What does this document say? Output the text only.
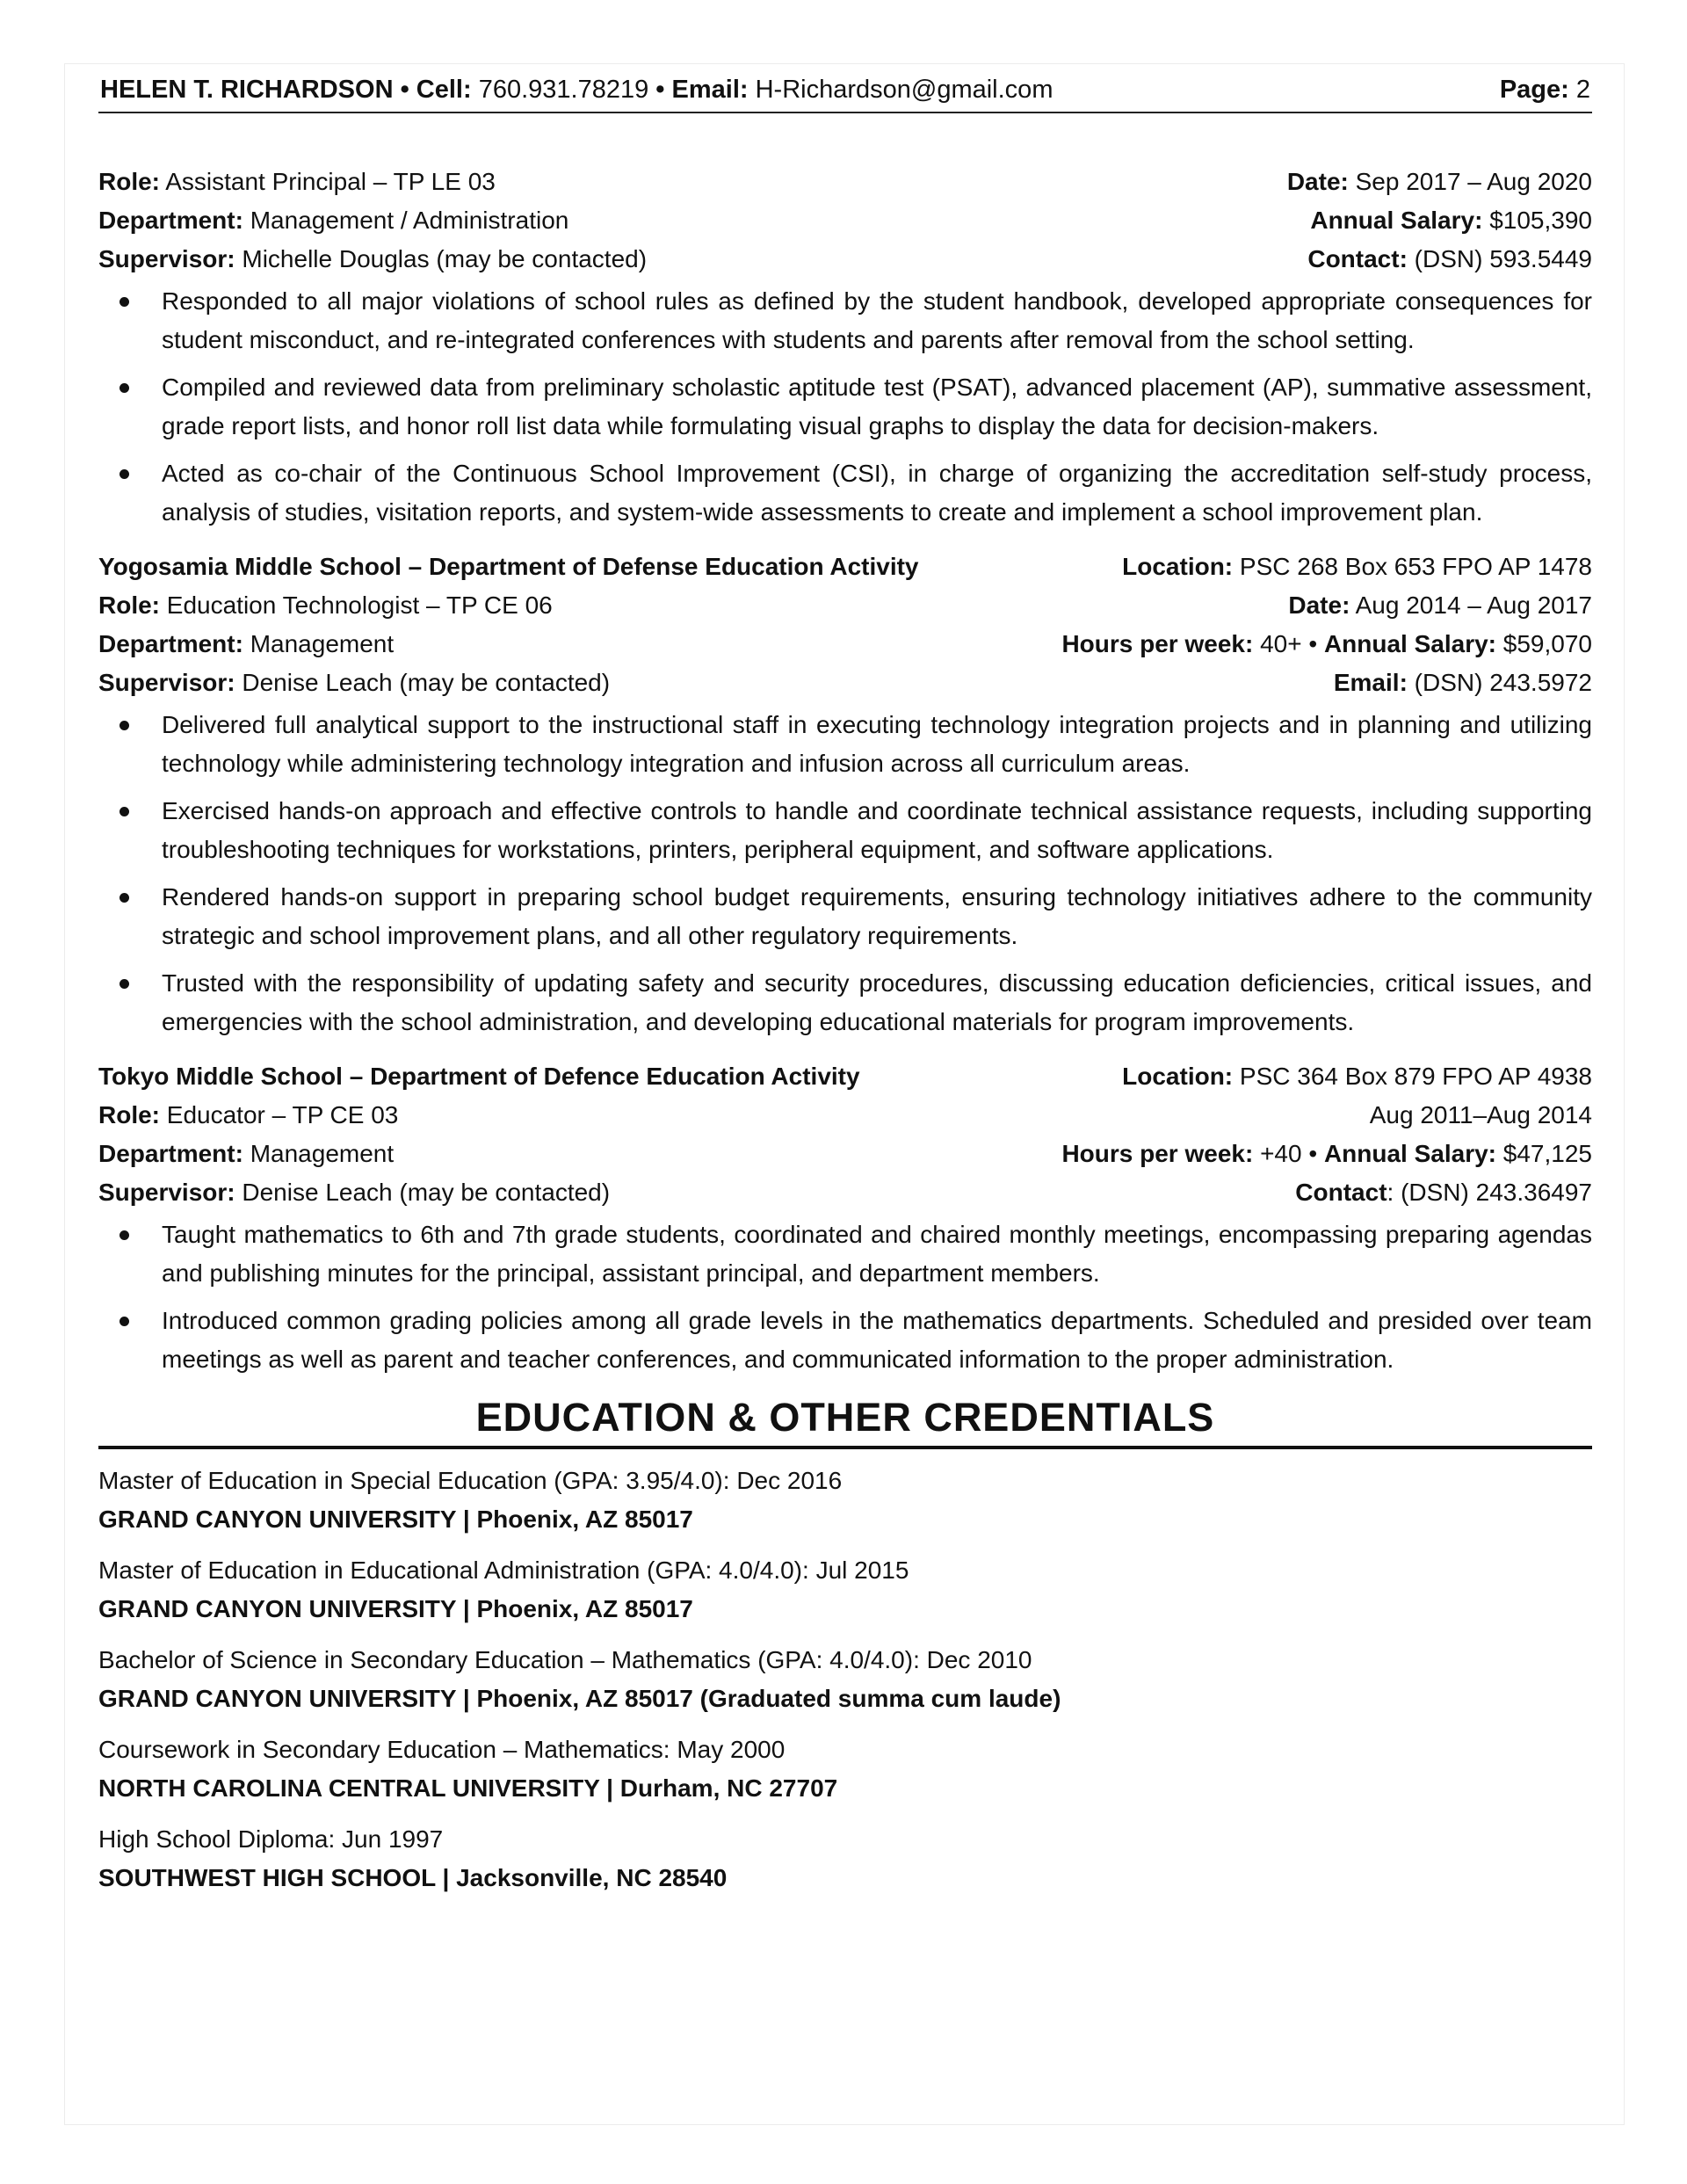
HELEN T. RICHARDSON • Cell: 760.931.78219 • Email: H-Richardson@gmail.com	Page: 2
Role: Assistant Principal – TP LE 03	Date: Sep 2017 – Aug 2020
Department: Management / Administration	Annual Salary: $105,390
Supervisor: Michelle Douglas (may be contacted)	Contact: (DSN) 593.5449
Responded to all major violations of school rules as defined by the student handbook, developed appropriate consequences for student misconduct, and re-integrated conferences with students and parents after removal from the school setting.
Compiled and reviewed data from preliminary scholastic aptitude test (PSAT), advanced placement (AP), summative assessment, grade report lists, and honor roll list data while formulating visual graphs to display the data for decision-makers.
Acted as co-chair of the Continuous School Improvement (CSI), in charge of organizing the accreditation self-study process, analysis of studies, visitation reports, and system-wide assessments to create and implement a school improvement plan.
Yogosamia Middle School – Department of Defense Education Activity	Location: PSC 268 Box 653 FPO AP 1478
Role: Education Technologist – TP CE 06	Date: Aug 2014 – Aug 2017
Department: Management	Hours per week: 40+ • Annual Salary: $59,070
Supervisor: Denise Leach (may be contacted)	Email: (DSN) 243.5972
Delivered full analytical support to the instructional staff in executing technology integration projects and in planning and utilizing technology while administering technology integration and infusion across all curriculum areas.
Exercised hands-on approach and effective controls to handle and coordinate technical assistance requests, including supporting troubleshooting techniques for workstations, printers, peripheral equipment, and software applications.
Rendered hands-on support in preparing school budget requirements, ensuring technology initiatives adhere to the community strategic and school improvement plans, and all other regulatory requirements.
Trusted with the responsibility of updating safety and security procedures, discussing education deficiencies, critical issues, and emergencies with the school administration, and developing educational materials for program improvements.
Tokyo Middle School – Department of Defence Education Activity	Location: PSC 364 Box 879 FPO AP 4938
Role: Educator – TP CE 03	Aug 2011–Aug 2014
Department: Management	Hours per week: +40 • Annual Salary: $47,125
Supervisor: Denise Leach (may be contacted)	Contact: (DSN) 243.36497
Taught mathematics to 6th and 7th grade students, coordinated and chaired monthly meetings, encompassing preparing agendas and publishing minutes for the principal, assistant principal, and department members.
Introduced common grading policies among all grade levels in the mathematics departments. Scheduled and presided over team meetings as well as parent and teacher conferences, and communicated information to the proper administration.
EDUCATION & OTHER CREDENTIALS
Master of Education in Special Education (GPA: 3.95/4.0): Dec 2016
GRAND CANYON UNIVERSITY | Phoenix, AZ 85017
Master of Education in Educational Administration (GPA: 4.0/4.0): Jul 2015
GRAND CANYON UNIVERSITY | Phoenix, AZ 85017
Bachelor of Science in Secondary Education – Mathematics (GPA: 4.0/4.0): Dec 2010
GRAND CANYON UNIVERSITY | Phoenix, AZ 85017 (Graduated summa cum laude)
Coursework in Secondary Education – Mathematics: May 2000
NORTH CAROLINA CENTRAL UNIVERSITY | Durham, NC 27707
High School Diploma: Jun 1997
SOUTHWEST HIGH SCHOOL | Jacksonville, NC 28540
